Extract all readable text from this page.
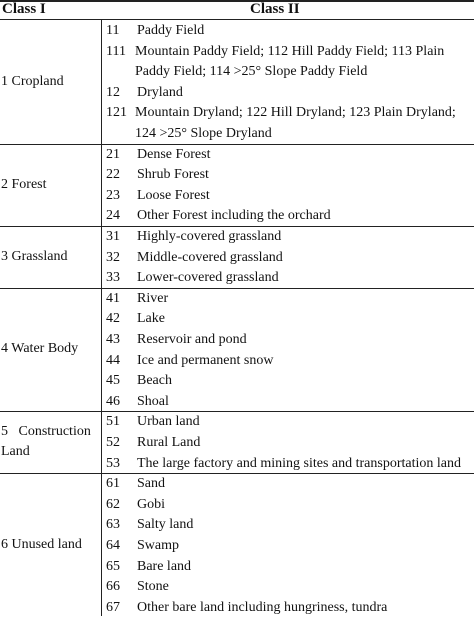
Class I	Class II
1 Cropland
11 Paddy Field
111 Mountain Paddy Field; 112 Hill Paddy Field; 113 Plain
Paddy Field; 114 >25° Slope Paddy Field
12 Dryland
121 Mountain Dryland; 122 Hill Dryland; 123 Plain Dryland;
124 >25° Slope Dryland
2 Forest
21 Dense Forest
22 Shrub Forest
23 Loose Forest
24 Other Forest including the orchard
3 Grassland
31 Highly-covered grassland
32 Middle-covered grassland
33 Lower-covered grassland
4 Water Body
41 River
42 Lake
43 Reservoir and pond
44 Ice and permanent snow
45 Beach
46 Shoal
5   Construction Land
51 Urban land
52 Rural Land
53 The large factory and mining sites and transportation land
6 Unused land
61 Sand
62 Gobi
63 Salty land
64 Swamp
65 Bare land
66 Stone
67 Other bare land including hungriness, tundra
